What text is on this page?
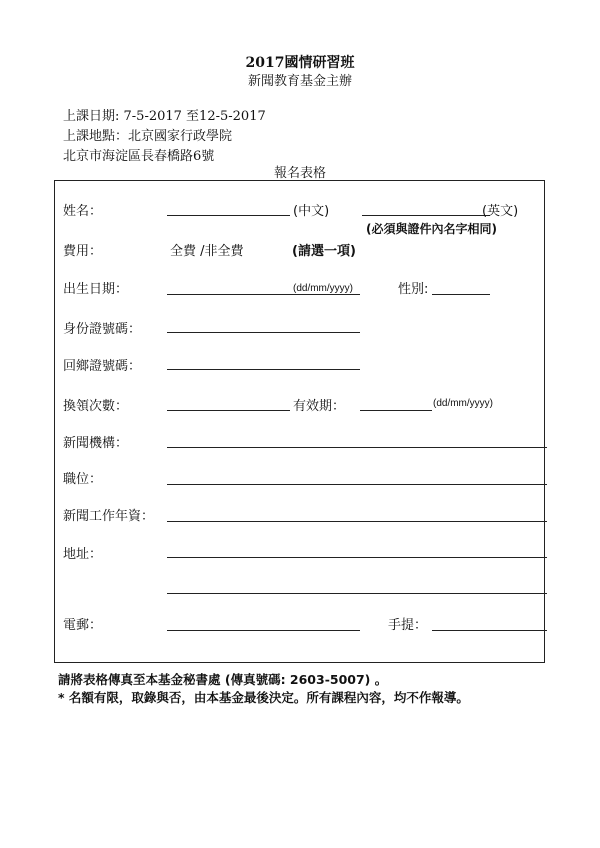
2017國情研習班
新聞教育基金主辦
上課日期: 7-5-2017 至12-5-2017
上課地點：北京國家行政學院
北京市海淀區長春橋路6號
報名表格
姓名：	(中文)	(英文)
(必須與證件內名字相同)
費用：	全費 /非全費	(請選一項)
出生日期：	(dd/mm/yyyy)	性別:
身份證號碼：
回鄉證號碼：
換領次數：	有效期：	(dd/mm/yyyy)
新聞機構：
職位：
新聞工作年資：
地址：
電郵：	手提：
請將表格傳真至本基金秘書處 (傳真號碼: 2603-5007) 。
* 名額有限，取錄與否，由本基金最後決定。所有課程內容，均不作報導。
